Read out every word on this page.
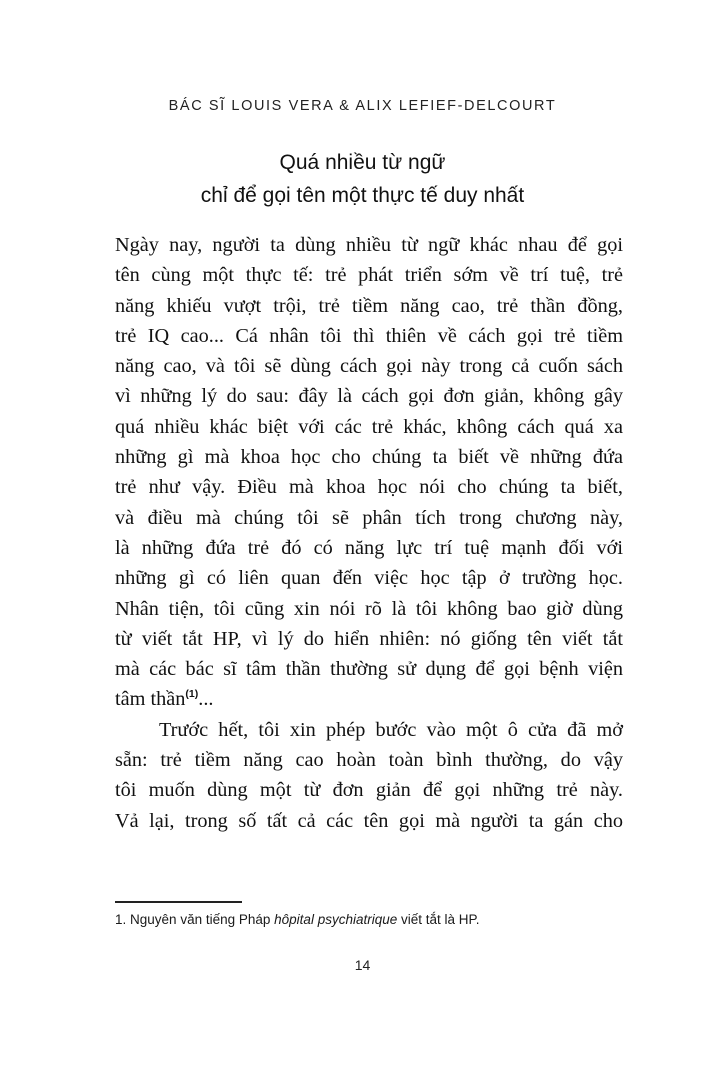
BÁC SĨ LOUIS VERA & ALIX LEFIEF-DELCOURT
Quá nhiều từ ngữ
chỉ để gọi tên một thực tế duy nhất
Ngày nay, người ta dùng nhiều từ ngữ khác nhau để gọi
tên cùng một thực tế: trẻ phát triển sớm về trí tuệ, trẻ
năng khiếu vượt trội, trẻ tiềm năng cao, trẻ thần đồng,
trẻ IQ cao... Cá nhân tôi thì thiên về cách gọi trẻ tiềm
năng cao, và tôi sẽ dùng cách gọi này trong cả cuốn sách
vì những lý do sau: đây là cách gọi đơn giản, không gây
quá nhiều khác biệt với các trẻ khác, không cách quá xa
những gì mà khoa học cho chúng ta biết về những đứa
trẻ như vậy. Điều mà khoa học nói cho chúng ta biết,
và điều mà chúng tôi sẽ phân tích trong chương này,
là những đứa trẻ đó có năng lực trí tuệ mạnh đối với
những gì có liên quan đến việc học tập ở trường học.
Nhân tiện, tôi cũng xin nói rõ là tôi không bao giờ dùng
từ viết tắt HP, vì lý do hiển nhiên: nó giống tên viết tắt
mà các bác sĩ tâm thần thường sử dụng để gọi bệnh viện
tâm thần$^{(1)}$...
Trước hết, tôi xin phép bước vào một ô cửa đã mở
sẵn: trẻ tiềm năng cao hoàn toàn bình thường, do vậy
tôi muốn dùng một từ đơn giản để gọi những trẻ này.
Vả lại, trong số tất cả các tên gọi mà người ta gán cho
1. Nguyên văn tiếng Pháp hôpital psychiatrique viết tắt là HP.
14
